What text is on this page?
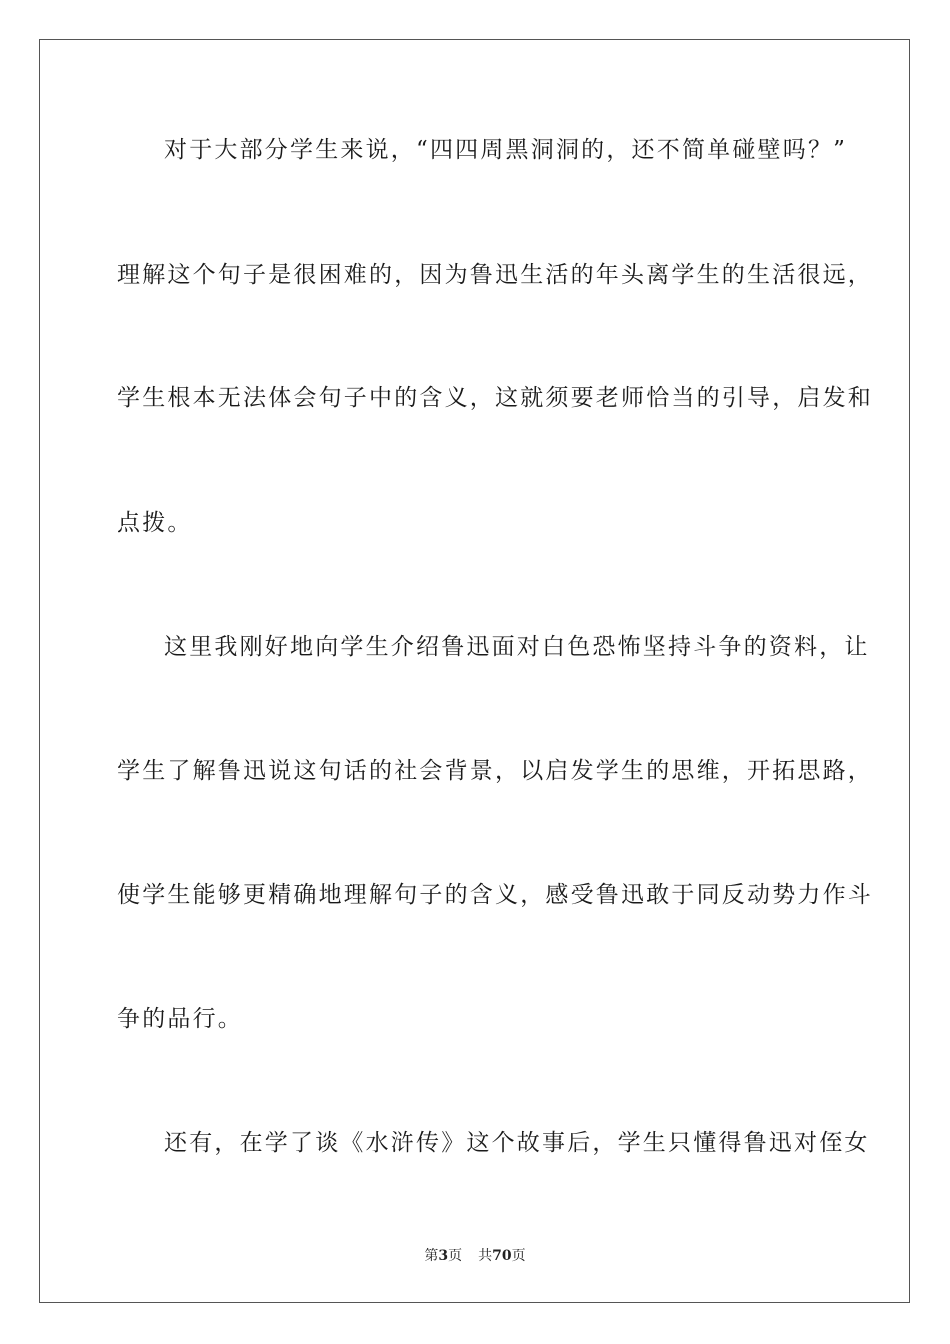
对于大部分学生来说，“四四周黑洞洞的，还不简单碰壁吗？”
理解这个句子是很困难的，因为鲁迅生活的年头离学生的生活很远，
学生根本无法体会句子中的含义，这就须要老师恰当的引导，启发和
点拨。
这里我刚好地向学生介绍鲁迅面对白色恐怖坚持斗争的资料，让
学生了解鲁迅说这句话的社会背景，以启发学生的思维，开拓思路，
使学生能够更精确地理解句子的含义，感受鲁迅敢于同反动势力作斗
争的品行。
还有，在学了谈《水浒传》这个故事后，学生只懂得鲁迅对侄女
第3页 共70页
